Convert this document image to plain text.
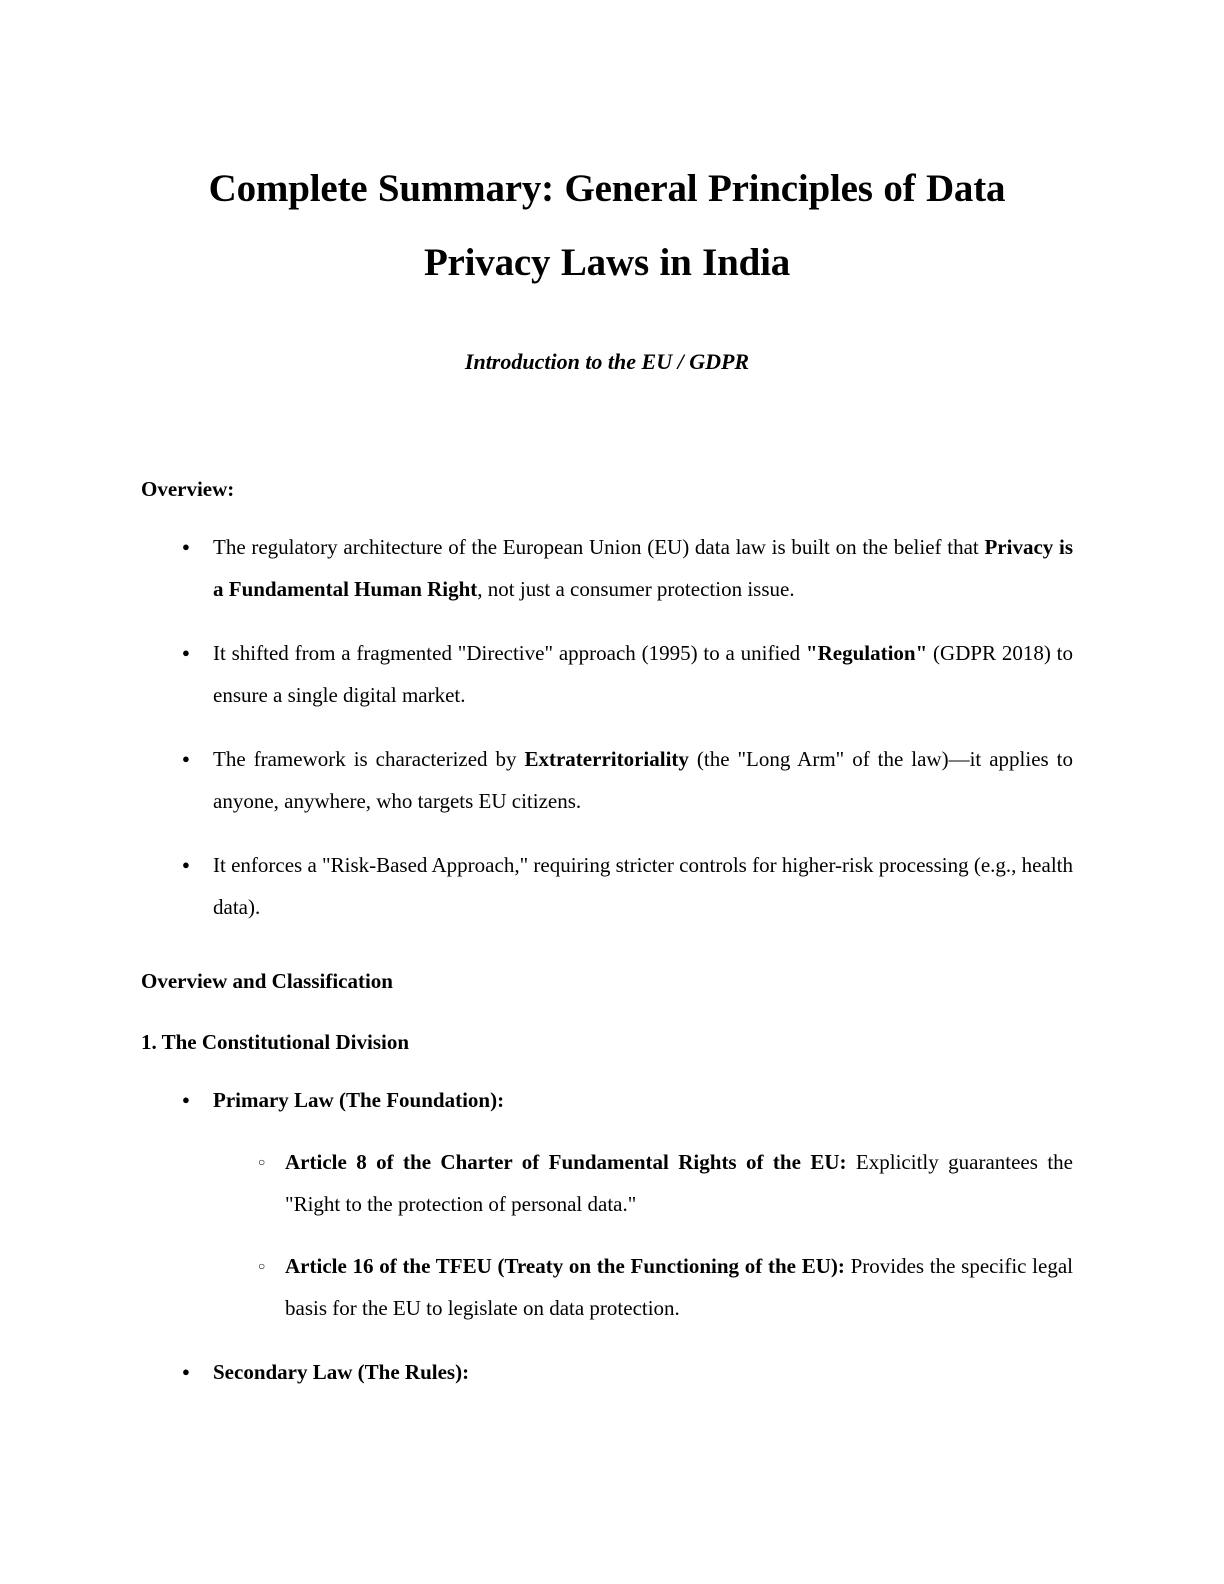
Complete Summary: General Principles of Data Privacy Laws in India

Introduction to the EU / GDPR

Overview:
● The regulatory architecture of the European Union (EU) data law is built on the belief that Privacy is a Fundamental Human Right, not just a consumer protection issue.
● It shifted from a fragmented "Directive" approach (1995) to a unified "Regulation" (GDPR 2018) to ensure a single digital market.
● The framework is characterized by Extraterritoriality (the "Long Arm" of the law)—it applies to anyone, anywhere, who targets EU citizens.
● It enforces a "Risk-Based Approach," requiring stricter controls for higher-risk processing (e.g., health data).
Overview and Classification
1. The Constitutional Division
● Primary Law (The Foundation):
○ Article 8 of the Charter of Fundamental Rights of the EU: Explicitly guarantees the "Right to the protection of personal data."
○ Article 16 of the TFEU (Treaty on the Functioning of the EU): Provides the specific legal basis for the EU to legislate on data protection.
● Secondary Law (The Rules):
